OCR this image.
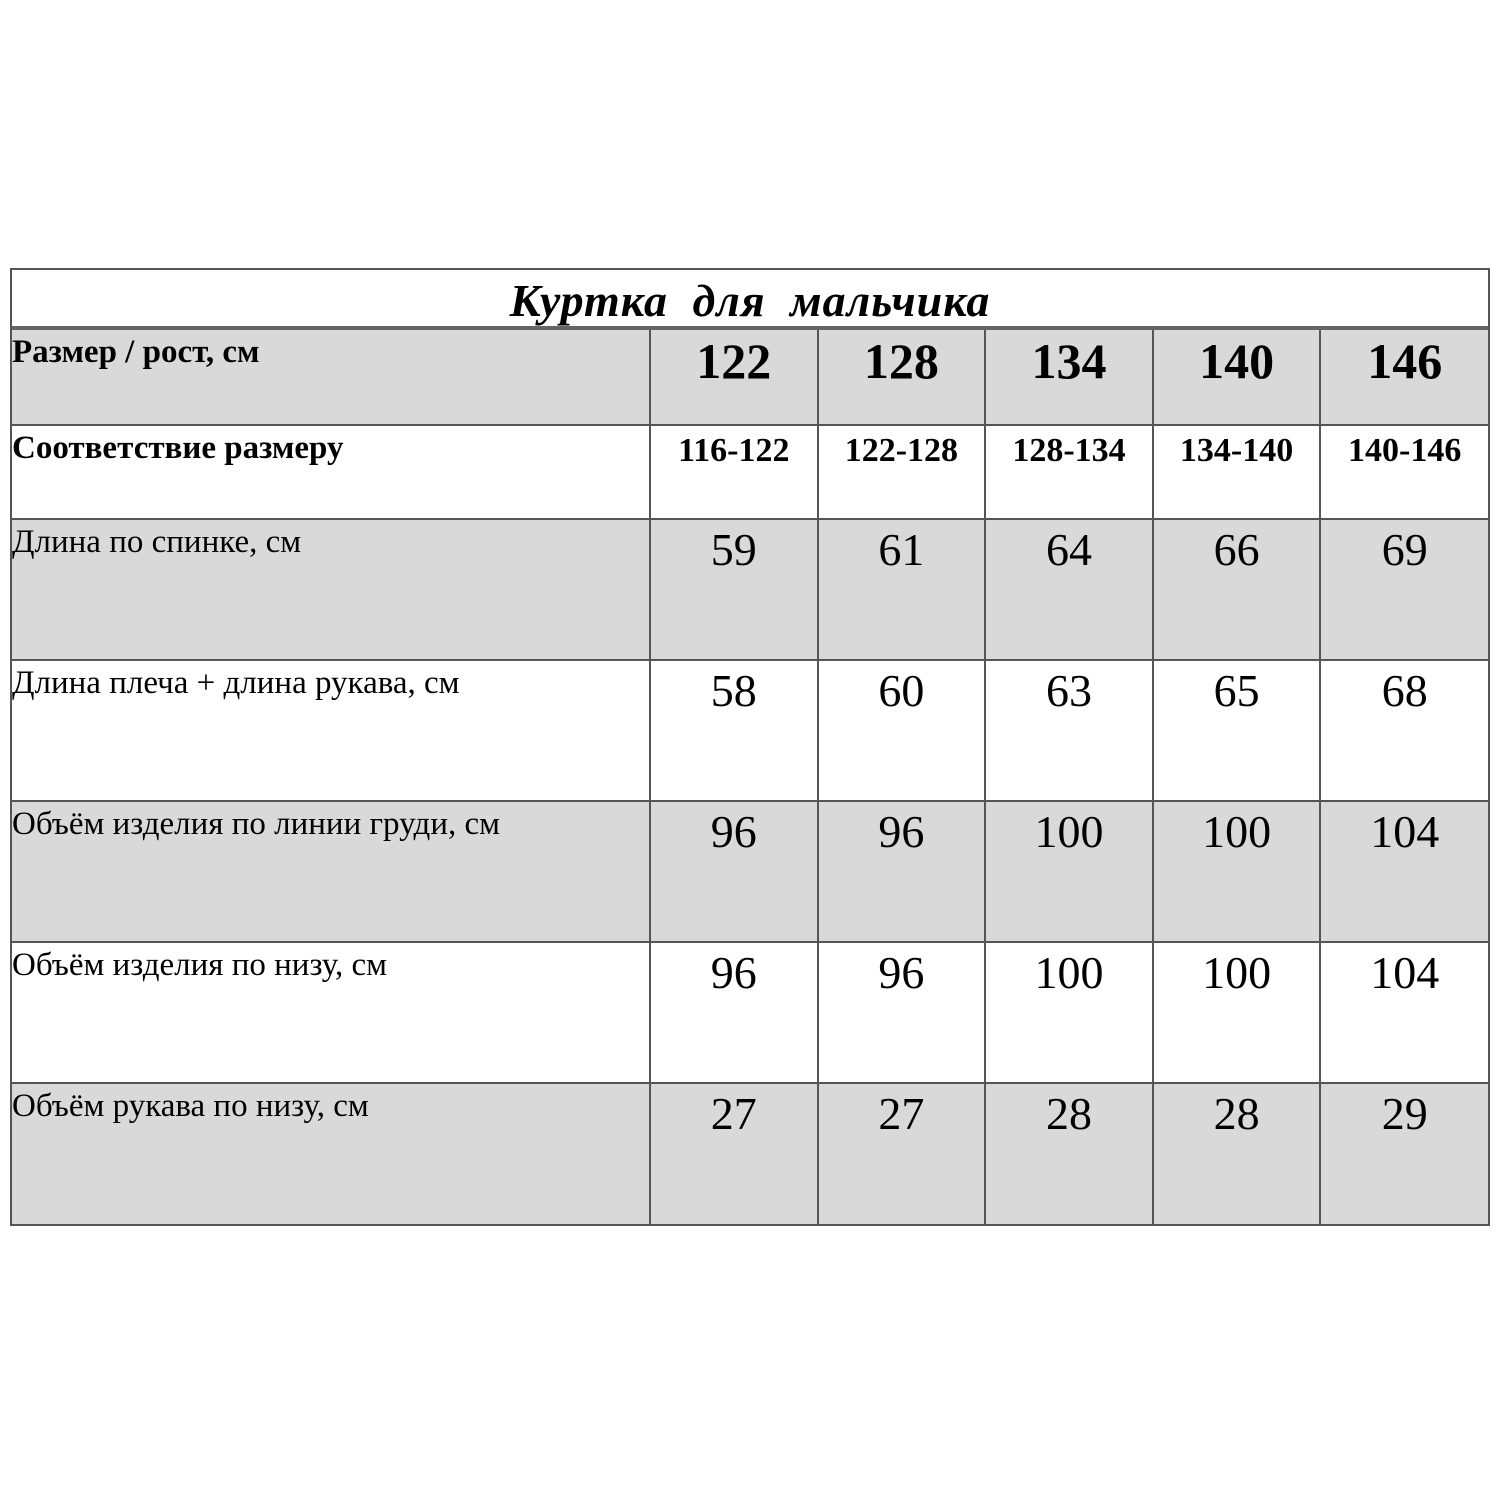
Куртка для мальчика
Размер / рост, см	122	128	134	140	146
Соответствие размеру	116-122	122-128	128-134	134-140	140-146
Длина по спинке, см	59	61	64	66	69
Длина плеча + длина рукава, см	58	60	63	65	68
Объём изделия по линии груди, см	96	96	100	100	104
Объём изделия по низу, см	96	96	100	100	104
Объём рукава по низу, см	27	27	28	28	29
